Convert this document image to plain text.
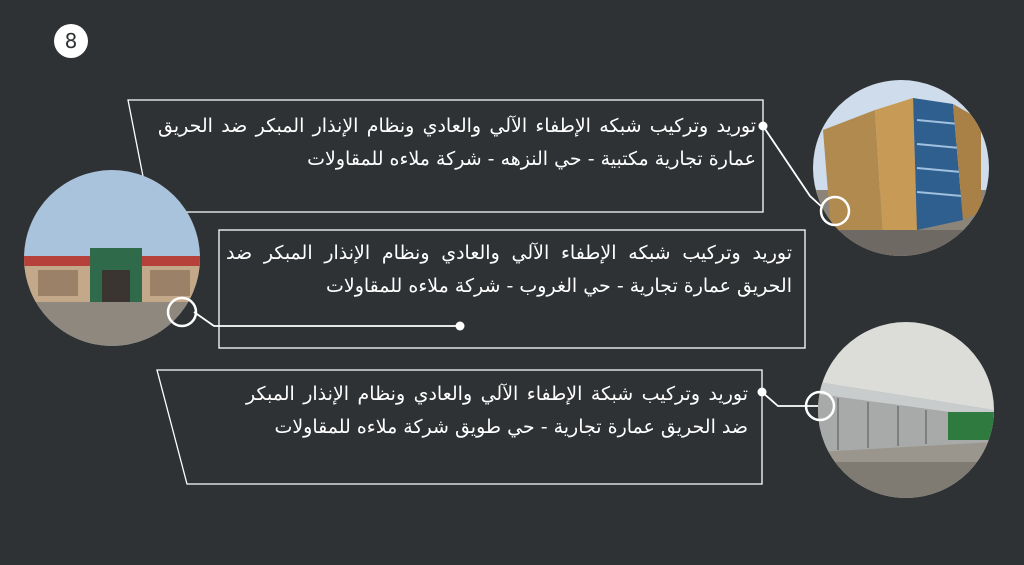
8
توريد وتركيب شبكه الإطفاء الآلي والعادي ونظام الإنذار المبكر ضد الحريق عمارة تجارية مكتبية - حي النزهه - شركة ملاءه للمقاولات
توريد وتركيب شبكه الإطفاء الآلي والعادي ونظام الإنذار المبكر ضد الحريق عمارة تجارية - حي الغروب - شركة ملاءه للمقاولات
توريد وتركيب شبكة الإطفاء الآلي والعادي ونظام الإنذار المبكر ضد الحريق عمارة تجارية - حي طويق شركة ملاءه للمقاولات
